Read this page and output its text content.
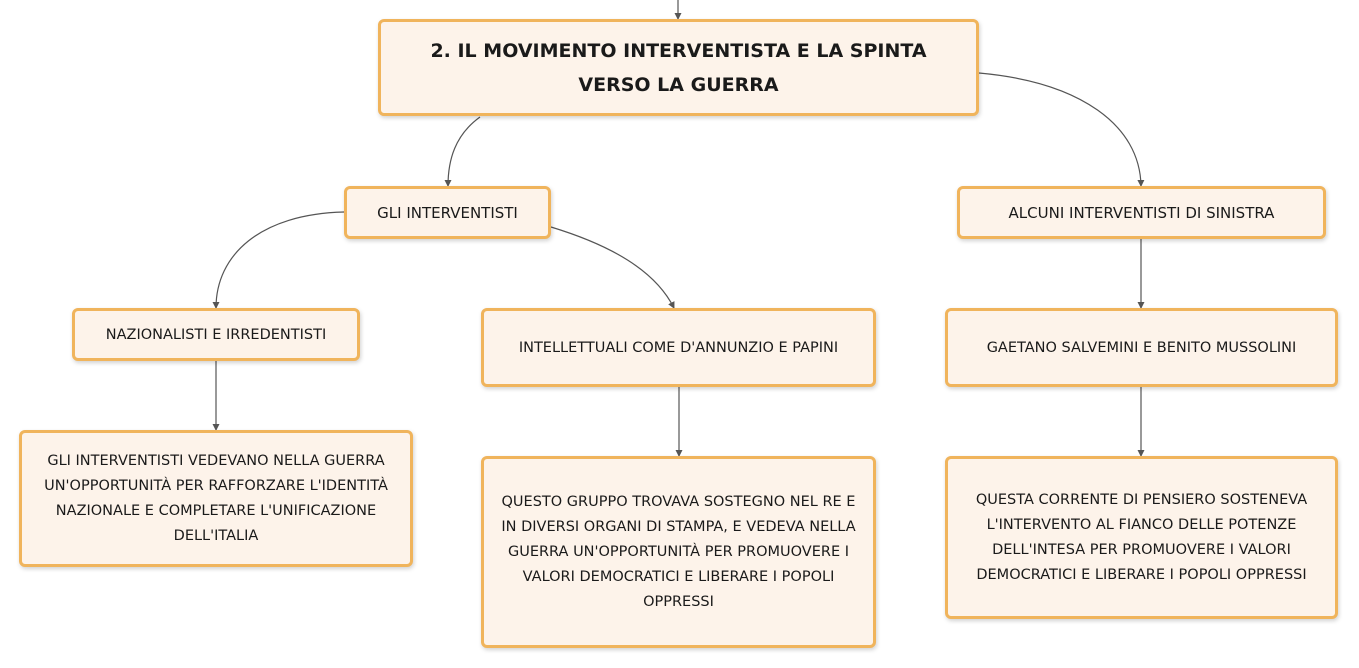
2. IL MOVIMENTO INTERVENTISTA E LA SPINTA VERSO LA GUERRA
GLI INTERVENTISTI	ALCUNI INTERVENTISTI DI SINISTRA
NAZIONALISTI E IRREDENTISTI
INTELLETTUALI COME D'ANNUNZIO E PAPINI	GAETANO SALVEMINI E BENITO MUSSOLINI
GLI INTERVENTISTI VEDEVANO NELLA GUERRA UN'OPPORTUNITÀ PER RAFFORZARE L'IDENTITÀ NAZIONALE E COMPLETARE L'UNIFICAZIONE DELL'ITALIA
QUESTO GRUPPO TROVAVA SOSTEGNO NEL RE E IN DIVERSI ORGANI DI STAMPA, E VEDEVA NELLA GUERRA UN'OPPORTUNITÀ PER PROMUOVERE I VALORI DEMOCRATICI E LIBERARE I POPOLI OPPRESSI
QUESTA CORRENTE DI PENSIERO SOSTENEVA L'INTERVENTO AL FIANCO DELLE POTENZE DELL'INTESA PER PROMUOVERE I VALORI DEMOCRATICI E LIBERARE I POPOLI OPPRESSI
